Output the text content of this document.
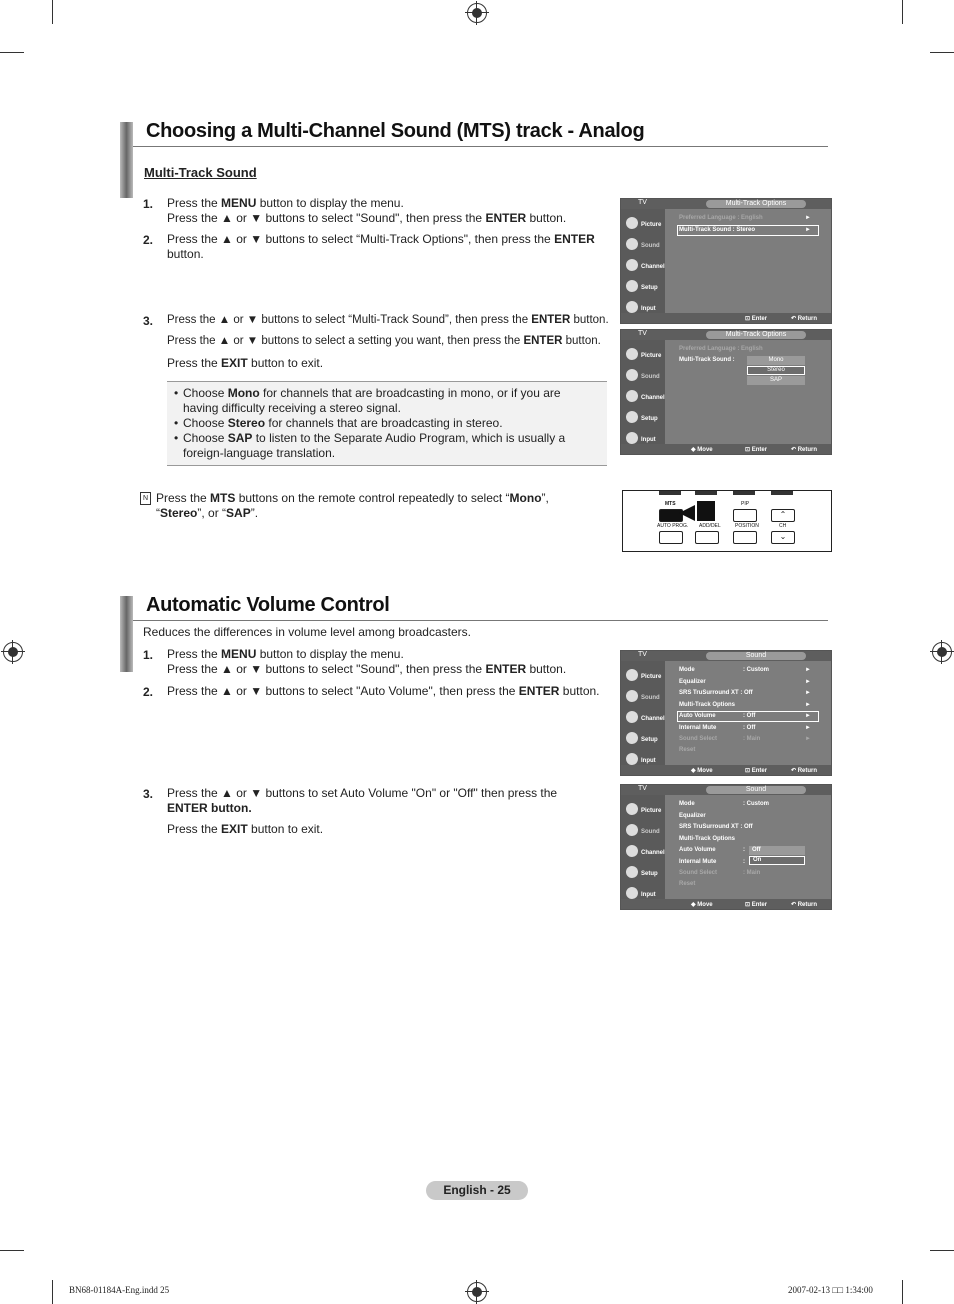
Choosing a Multi-Channel Sound (MTS) track - Analog
Multi-Track Sound
1. Press the MENU button to display the menu.
Press the ▲ or ▼ buttons to select "Sound", then press the ENTER button.
2. Press the ▲ or ▼ buttons to select “Multi-Track Options", then press the ENTER
button.
3. Press the ▲ or ▼ buttons to select “Multi-Track Sound”, then press the ENTER button.
Press the ▲ or ▼ buttons to select a setting you want, then press the ENTER button.
Press the EXIT button to exit.
• Choose Mono for channels that are broadcasting in mono, or if you are having difficulty receiving a stereo signal.
• Choose Stereo for channels that are broadcasting in stereo.
• Choose SAP to listen to the Separate Audio Program, which is usually a foreign-language translation.
N Press the MTS buttons on the remote control repeatedly to select “Mono”, “Stereo”, or “SAP”.
TV	Multi-Track Options
Picture
Sound
Channel
Setup
Input
Preferred Language : English	►
Multi-Track Sound : Stereo	►
⊡ Enter	↶ Return
TV	Multi-Track Options
Picture
Sound
Channel
Setup
Input
Preferred Language : English
Multi-Track Sound :	Mono
Stereo
SAP
◆ Move	⊡ Enter	↶ Return
MTS	PIP
⌃
AUTO PROG. ADD/DEL	POSITION	CH
⌄
Automatic Volume Control
Reduces the differences in volume level among broadcasters.
1. Press the MENU button to display the menu.
Press the ▲ or ▼ buttons to select "Sound", then press the ENTER button.
2. Press the ▲ or ▼ buttons to select "Auto Volume", then press the ENTER button.
3. Press the ▲ or ▼ buttons to set Auto Volume "On" or "Off" then press the
ENTER button.
Press the EXIT button to exit.
TV	Sound
Picture
Sound
Channel
Setup
Input
Mode	: Custom	►
Equalizer	►
SRS TruSurround XT : Off	►
Multi-Track Options	►
Auto Volume	: Off	►
Internal Mute	: Off	►
Sound Select	: Main	►
Reset
◆ Move	⊡ Enter	↶ Return
TV	Sound
Picture
Sound
Channel
Setup
Input
Mode	: Custom
Equalizer
SRS TruSurround XT : Off
Multi-Track Options
Auto Volume	:
Internal Mute	:
Sound Select	: Main
Reset
Off
On
◆ Move	⊡ Enter	↶ Return
English - 25
BN68-01184A-Eng.indd 25	2007-02-13 □□ 1:34:00
